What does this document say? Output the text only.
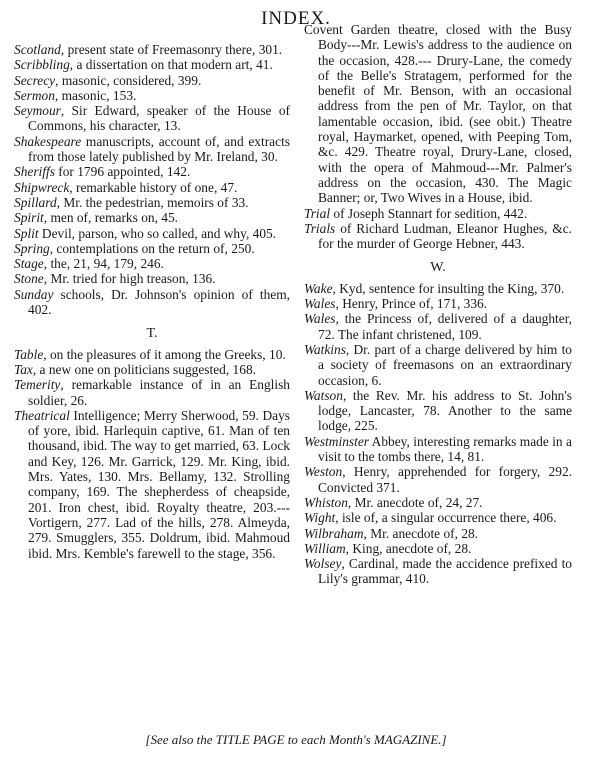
INDEX.

Scotland, present state of Freemasonry there, 301.

Scribbling, a dissertation on that modern art, 41.

Secrecy, masonic, considered, 399.

Sermon, masonic, 153.

Seymour, Sir Edward, speaker of the House of Commons, his character, 13.

Shakespeare manuscripts, account of, and extracts from those lately published by Mr. Ireland, 30.

Sheriffs for 1796 appointed, 142.

Shipwreck, remarkable history of one, 47.

Spillard, Mr. the pedestrian, memoirs of 33.

Spirit, men of, remarks on, 45.

Split Devil, parson, who so called, and why, 405.

Spring, contemplations on the return of, 250.

Stage, the, 21, 94, 179, 246.

Stone, Mr. tried for high treason, 136.

Sunday schools, Dr. Johnson's opinion of them, 402.

T.

Table, on the pleasures of it among the Greeks, 10.

Tax, a new one on politicians suggested, 168.

Temerity, remarkable instance of in an English soldier, 26.

Theatrical Intelligence; Merry Sherwood, 59. Days of yore, ibid. Harlequin captive, 61. Man of ten thousand, ibid. The way to get married, 63. Lock and Key, 126. Mr. Garrick, 129. Mr. King, ibid. Mrs. Yates, 130. Mrs. Bellamy, 132. Strolling company, 169. The shepherdess of cheapside, 201. Iron chest, ibid. Royalty theatre, 203.--- Vortigern, 277. Lad of the hills, 278. Almeyda, 279. Smugglers, 355. Doldrum, ibid. Mahmoud ibid. Mrs. Kemble's farewell to the stage, 356.

Covent Garden theatre, closed with the Busy Body---Mr. Lewis's address to the audience on the occasion, 428.--- Drury-Lane, the comedy of the Belle's Stratagem, performed for the benefit of Mr. Benson, with an occasional address from the pen of Mr. Taylor, on that lamentable occasion, ibid. (see obit.) Theatre royal, Haymarket, opened, with Peeping Tom, &c. 429. Theatre royal, Drury-Lane, closed, with the opera of Mahmoud---Mr. Palmer's address on the occasion, 430. The Magic Banner; or, Two Wives in a House, ibid.

Trial of Joseph Stannart for sedition, 442.

Trials of Richard Ludman, Eleanor Hughes, &c. for the murder of George Hebner, 443.

W.

Wake, Kyd, sentence for insulting the King, 370.

Wales, Henry, Prince of, 171, 336.

Wales, the Princess of, delivered of a daughter, 72. The infant christened, 109.

Watkins, Dr. part of a charge delivered by him to a society of freemasons on an extraordinary occasion, 6.

Watson, the Rev. Mr. his address to St. John's lodge, Lancaster, 78. Another to the same lodge, 225.

Westminster Abbey, interesting remarks made in a visit to the tombs there, 14, 81.

Weston, Henry, apprehended for forgery, 292. Convicted 371.

Whiston, Mr. anecdote of, 24, 27.

Wight, isle of, a singular occurrence there, 406.

Wilbraham, Mr. anecdote of, 28.

William, King, anecdote of, 28.

Wolsey, Cardinal, made the accidence prefixed to Lily's grammar, 410.

[See also the TITLE PAGE to each Month's MAGAZINE.]
